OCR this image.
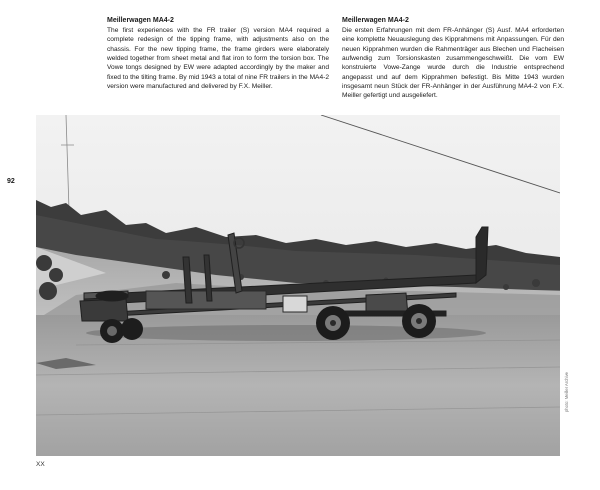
Meillerwagen MA4-2

The first experiences with the FR trailer (S) version MA4 required a complete redesign of the tipping frame, with adjustments also on the chassis. For the new tipping frame, the frame girders were elaborately welded together from sheet metal and flat iron to form the torsion box. The Vowe tongs designed by EW were adapted accordingly by the maker and fixed to the tilting frame. By mid 1943 a total of nine FR trailers in the MA4-2 version were manufactured and delivered by F.X. Meiller.

Meillerwagen MA4-2

Die ersten Erfahrungen mit dem FR-Anhänger (S) Ausf. MA4 erforderten eine komplette Neuauslegung des Kipprahmens mit Anpassungen. Für den neuen Kipprahmen wurden die Rahmenträger aus Blechen und Flacheisen aufwendig zum Torsionskasten zusammengeschweißt. Die vom EW konstruierte Vowe-Zange wurde durch die Industrie entsprechend angepasst und auf dem Kipprahmen befestigt. Bis Mitte 1943 wurden insgesamt neun Stück der FR-Anhänger in der Ausführung MA4-2 von F.X. Meiller gefertigt und ausgeliefert.

92
photo: Meiller Archive
XX
